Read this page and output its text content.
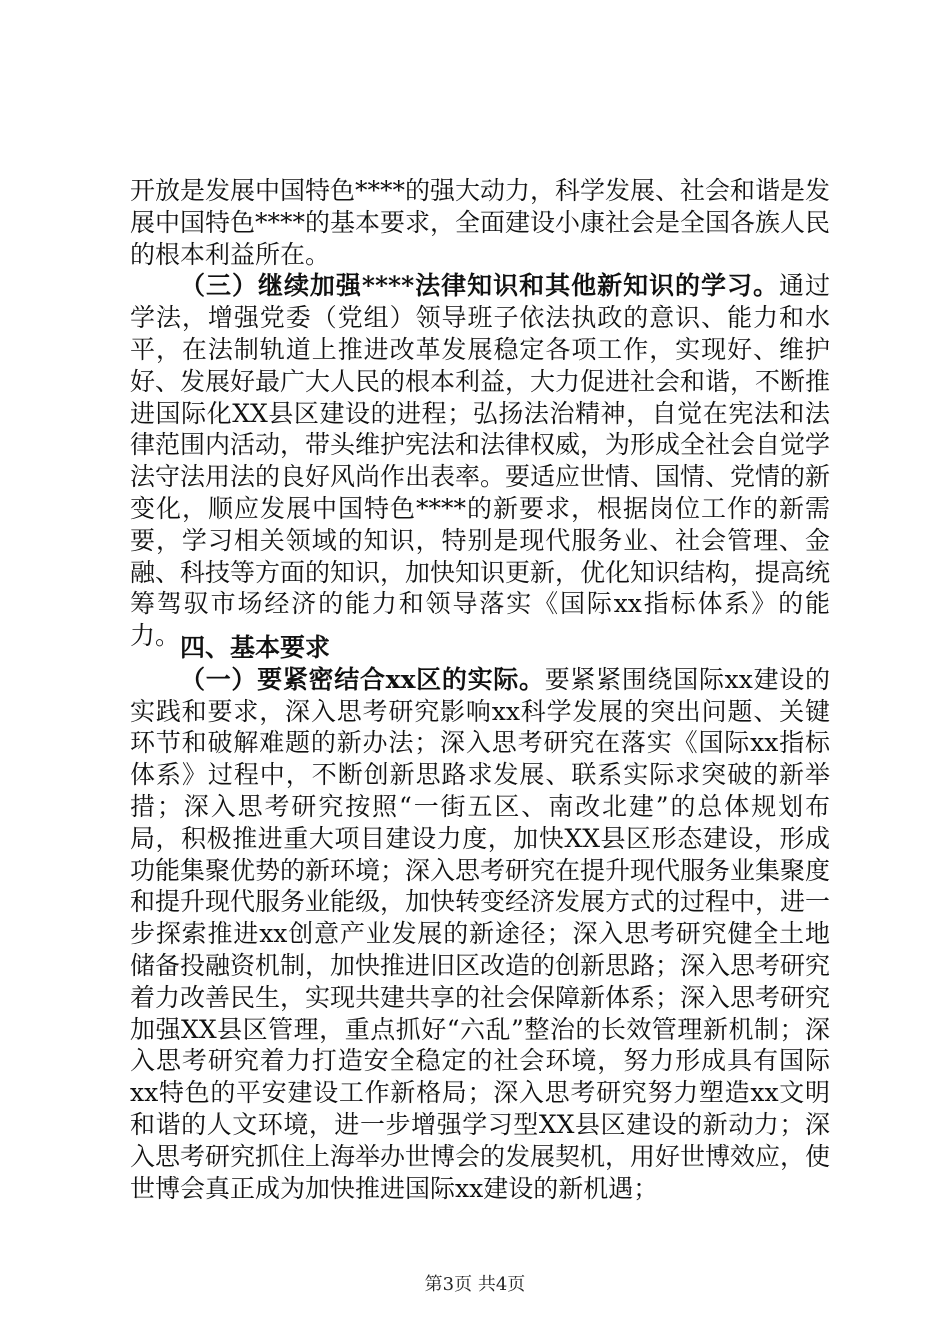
开放是发展中国特色****的强大动力，科学发展、社会和谐是发展中国特色****的基本要求，全面建设小康社会是全国各族人民的根本利益所在。

（三）继续加强****法律知识和其他新知识的学习。通过学法，增强党委（党组）领导班子依法执政的意识、能力和水平，在法制轨道上推进改革发展稳定各项工作，实现好、维护好、发展好最广大人民的根本利益，大力促进社会和谐，不断推进国际化XX县区建设的进程；弘扬法治精神，自觉在宪法和法律范围内活动，带头维护宪法和法律权威，为形成全社会自觉学法守法用法的良好风尚作出表率。要适应世情、国情、党情的新变化，顺应发展中国特色****的新要求，根据岗位工作的新需要，学习相关领域的知识，特别是现代服务业、社会管理、金融、科技等方面的知识，加快知识更新，优化知识结构，提高统筹驾驭市场经济的能力和领导落实《国际xx指标体系》的能力。 四、基本要求

（一）要紧密结合xx区的实际。要紧紧围绕国际xx建设的实践和要求，深入思考研究影响xx科学发展的突出问题、关键环节和破解难题的新办法；深入思考研究在落实《国际xx指标体系》过程中，不断创新思路求发展、联系实际求突破的新举措；深入思考研究按照“一街五区、南改北建”的总体规划布局，积极推进重大项目建设力度，加快XX县区形态建设，形成功能集聚优势的新环境；深入思考研究在提升现代服务业集聚度和提升现代服务业能级，加快转变经济发展方式的过程中，进一步探索推进xx创意产业发展的新途径；深入思考研究健全土地储备投融资机制，加快推进旧区改造的创新思路；深入思考研究着力改善民生，实现共建共享的社会保障新体系；深入思考研究加强XX县区管理，重点抓好“六乱”整治的长效管理新机制；深入思考研究着力打造安全稳定的社会环境，努力形成具有国际xx特色的平安建设工作新格局；深入思考研究努力塑造xx文明和谐的人文环境，进一步增强学习型XX县区建设的新动力；深入思考研究抓住上海举办世博会的发展契机，用好世博效应，使世博会真正成为加快推进国际xx建设的新机遇；

第3页 共4页
